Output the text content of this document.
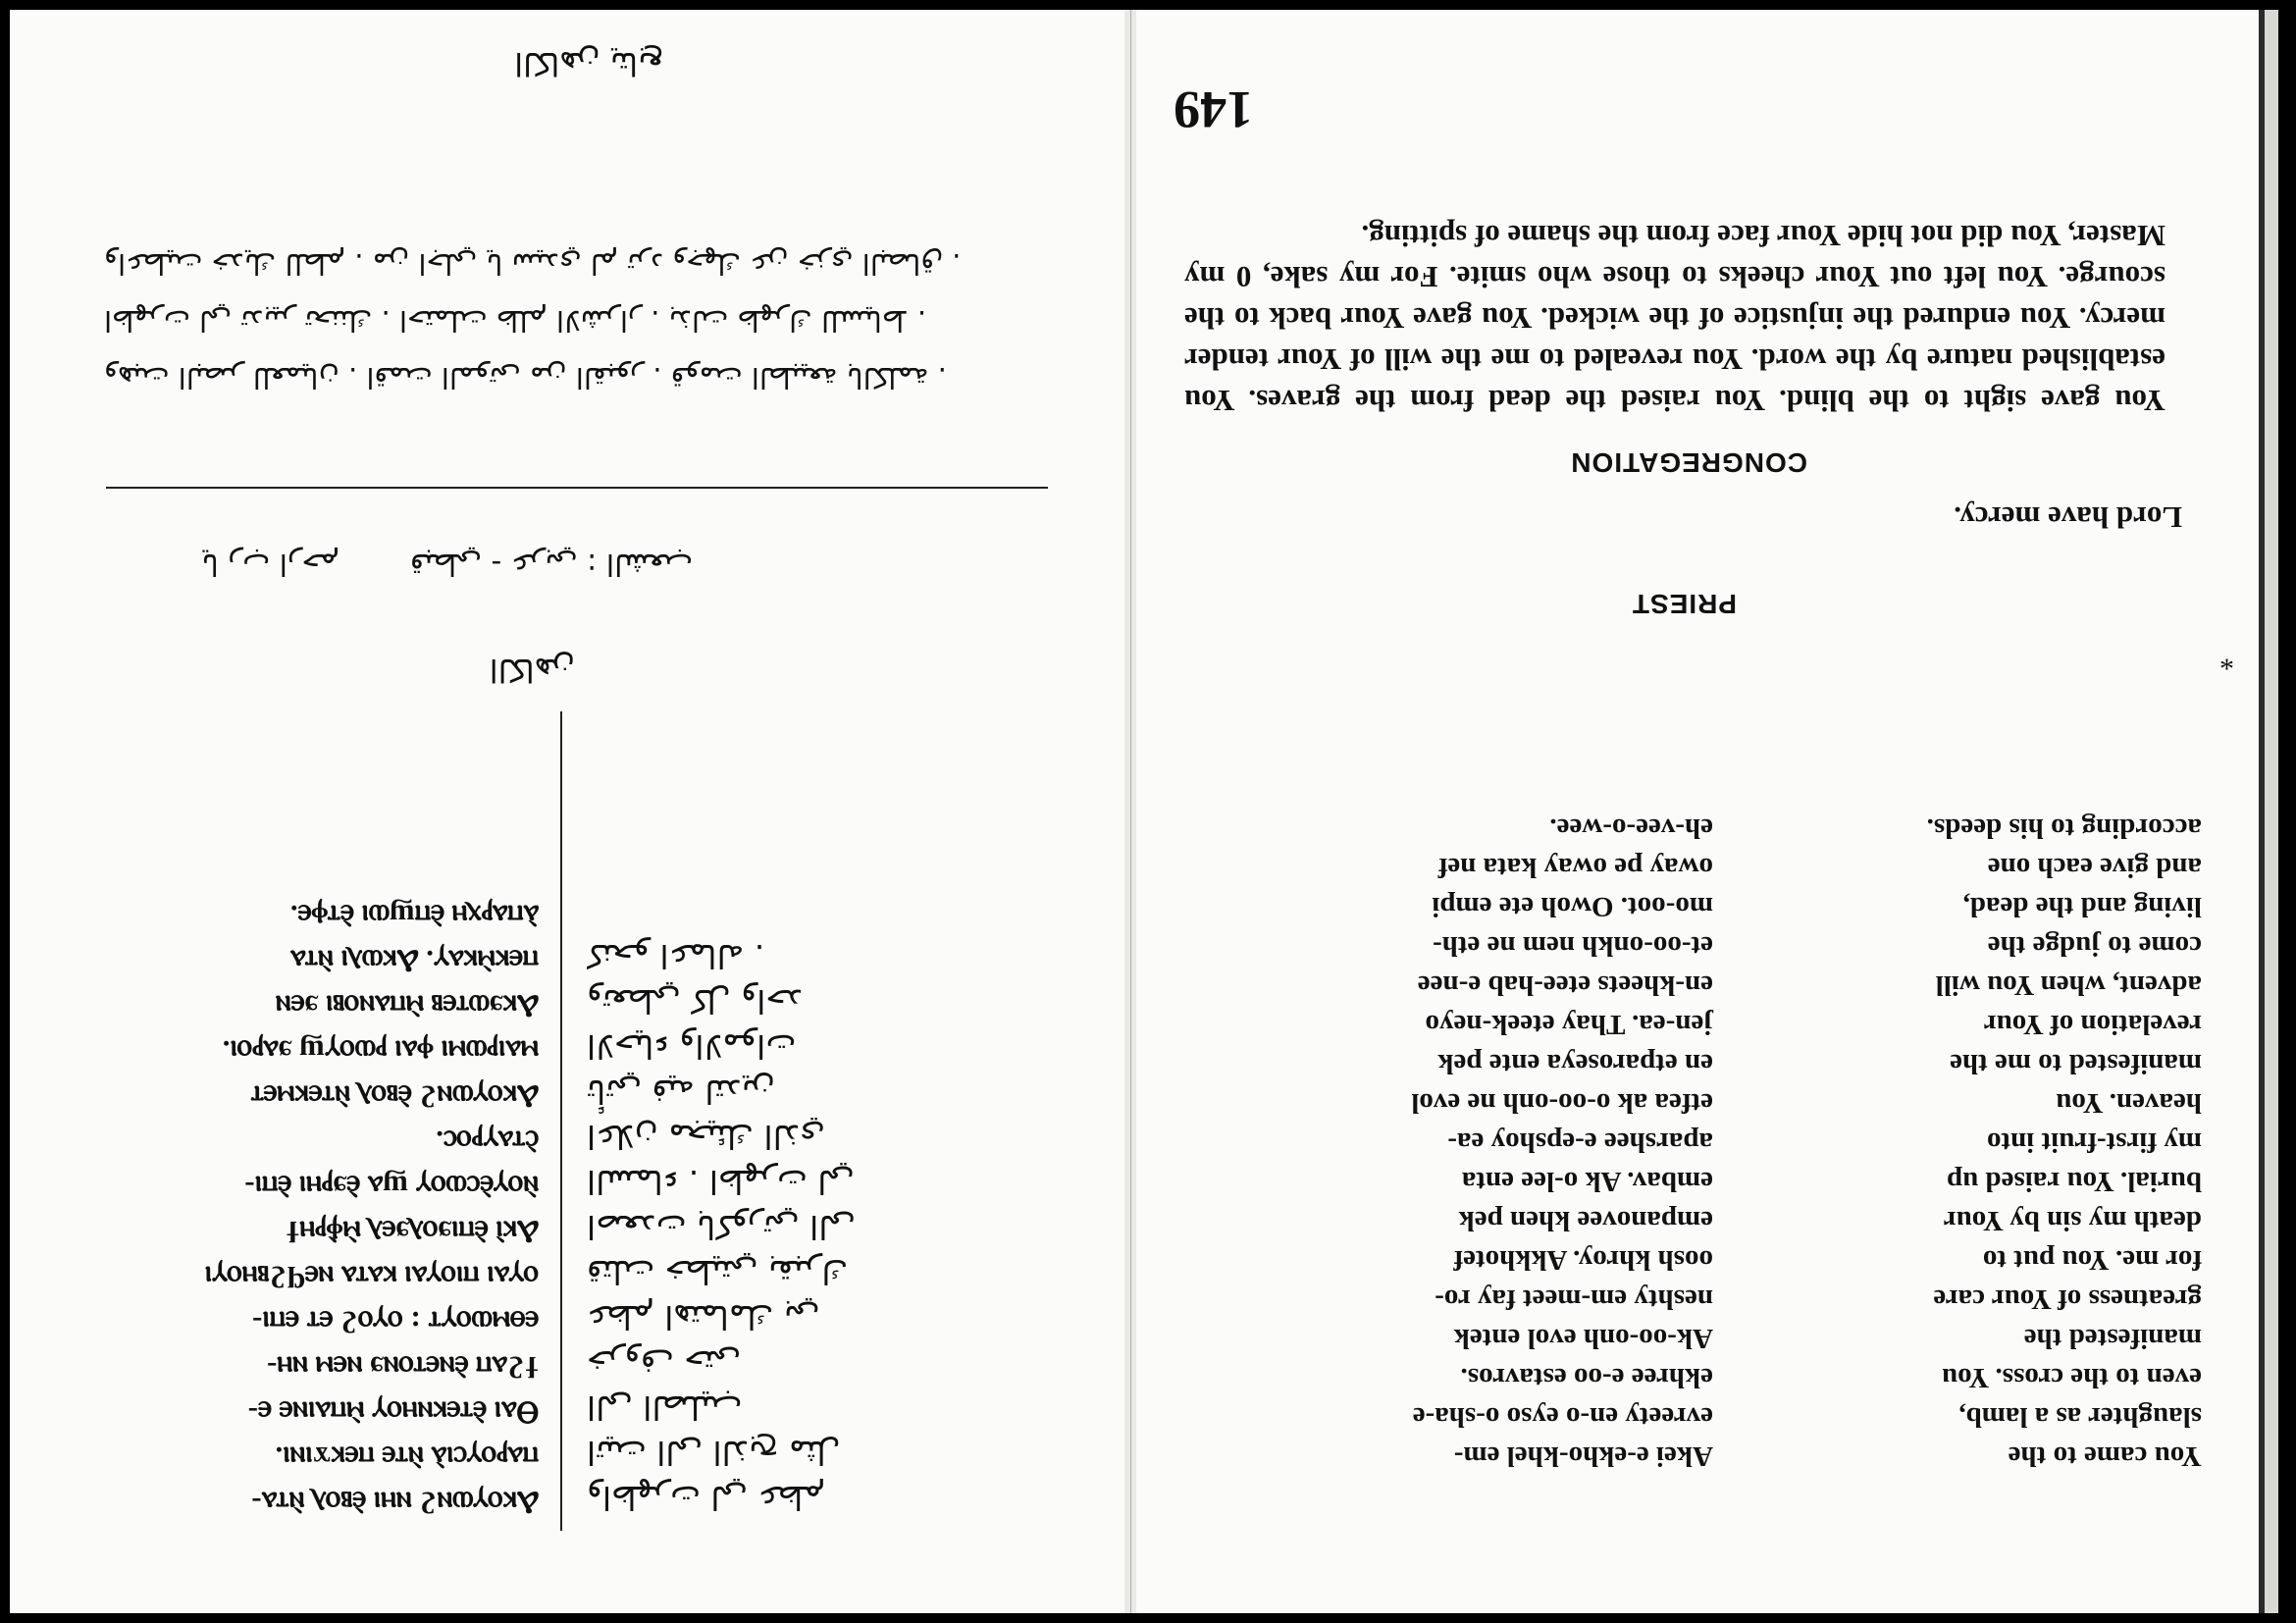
Ⲁⲕⲟⲩⲱⲛϩ ⲛⲏⲓ ⲉ̀ⲃⲟⲗ ⲛ̀ⲧⲁ-
ⲡⲁⲣⲟⲩⲥⲓⲁ̀ ⲛ̀ⲧⲉ ⲡⲉⲕϫⲓⲛⲓ.
Ⲑⲁⲓ ⲉ̀ⲧⲉⲕⲛⲏⲟⲩ ⲙ̀ⲡⲁⲓⲛⲉ ⲉ-
ϯϩⲁⲡ ⲉ̀ⲛⲉⲧⲟⲛϧ ⲛⲉⲙ ⲛⲏ-
ⲉⲑⲙⲱⲟⲩⲧ : ⲟⲩⲟϩ ⲉⲧ ⲉⲡⲓ-
ⲟⲩⲁⲓ ⲡⲓⲟⲩⲁⲓ ⲕⲁⲧⲁ ⲛⲉϥϩⲃⲏⲟⲩⲓ
Ⲁⲕⲓ̀ ⲉ̀ⲡⲓϧⲟⲗϧⲉⲗ ⲙ̀ⲫ̀ⲣⲏϯ
ⲛ̀ⲟⲩⲉ̀ⲥⲱⲟⲩ ϣⲁ ⲉ̀ϧⲣⲏⲓ ⲉ̀ⲡⲓ-
ⲥ̀ⲧⲁⲩⲣⲟⲥ.
Ⲁⲕⲟⲩⲱⲛϩ ⲉ̀ⲃⲟⲗ ⲛ̀ⲧⲉⲕⲙⲉⲧ
ⲙⲁⲓⲣⲱⲙⲓ ⲫⲁⲓ ⲣⲱⲟⲩϣ ϧⲁⲣⲟⲓ.
Ⲁⲕϧⲱⲧⲉⲃ ⲙ̀ⲡⲁⲛⲟⲃⲓ ϧⲉⲛ
ⲡⲉⲕⲙ̀ⲕⲁⲩ. Ⲁⲕⲱⲗⲓ ⲛ̀ⲧⲁ
ⲁ̀ⲡⲁⲣⲭⲏ ⲉ̀ⲡϣⲱⲓ ⲉ̀ⲧⲫⲉ.
واظهرت لي عظم
اتيت الى الذبح مثل
الى الصليب
خروف حتى
عظم اهتمامك بي
قتلت خطيتي بقبرك
اصعدت باكورتي الى
السماء . اظهرت لي
اعلان مجيئك الذي
تأتي فيه لتدين
الاحياء والاموات
وتعطي كل واحد
كنحو اعماله .
الكاهن
قبطي - عربي : الشعب
يا رب ارحم
وهبت البصر للعميان . اقمت الموتى من القبور . قومت الطبيعة بالكلمة .
اظهرت لي تدبير تحننك . احتملت ظلم الاشرار . بذلت ظهرك للسياط .
واعطيت خديك للطم . من اجلي يا سيدي لم ترد وجهك عن خزي البصاق .
الكاهن يتابع
149
You came to the
slaughter as a lamb,
even to the cross. You
manifested the
greatness of Your care
for me. You put to
death my sin by Your
burial. You raised up
my first-fruit into
heaven. You
manifested to me the
revelation of Your
advent, when You will
come to judge the
living and the dead,
and give each one
according to his deeds.
Akei e-ekho-khel em-
evreety en-o eyso o-sha-e
ekhree e-oo estavros.
Ak-oo-onh evol entek
neshty em-meet fay ro-
oosh khroy. Akkhotef
empanovee khen pek
embav. Ak o-lee enta
aparshee e-epshoy ea-
etfea ak o-oo-onh ne evol
en etparoseya ente pek
jen-ea. Thay eteek-neyo
en-kheets etee-hab e-nee
et-oo-onkh nem ne eth-
mo-oot. Owoh ete empi
oway pe oway kata nef
eh-vee-o-wee.
*
PRIEST
CONGREGATION
Lord have mercy.
You gave sight to the blind. You raised the dead from the graves. You established nature by the word. You revealed to me the will of Your tender mercy. You endured the injustice of the wicked. You gave Your back to the scourge. You left out Your cheeks to those who smite. For my sake, 0 my Master, You did not hide Your face from the shame of spitting.
